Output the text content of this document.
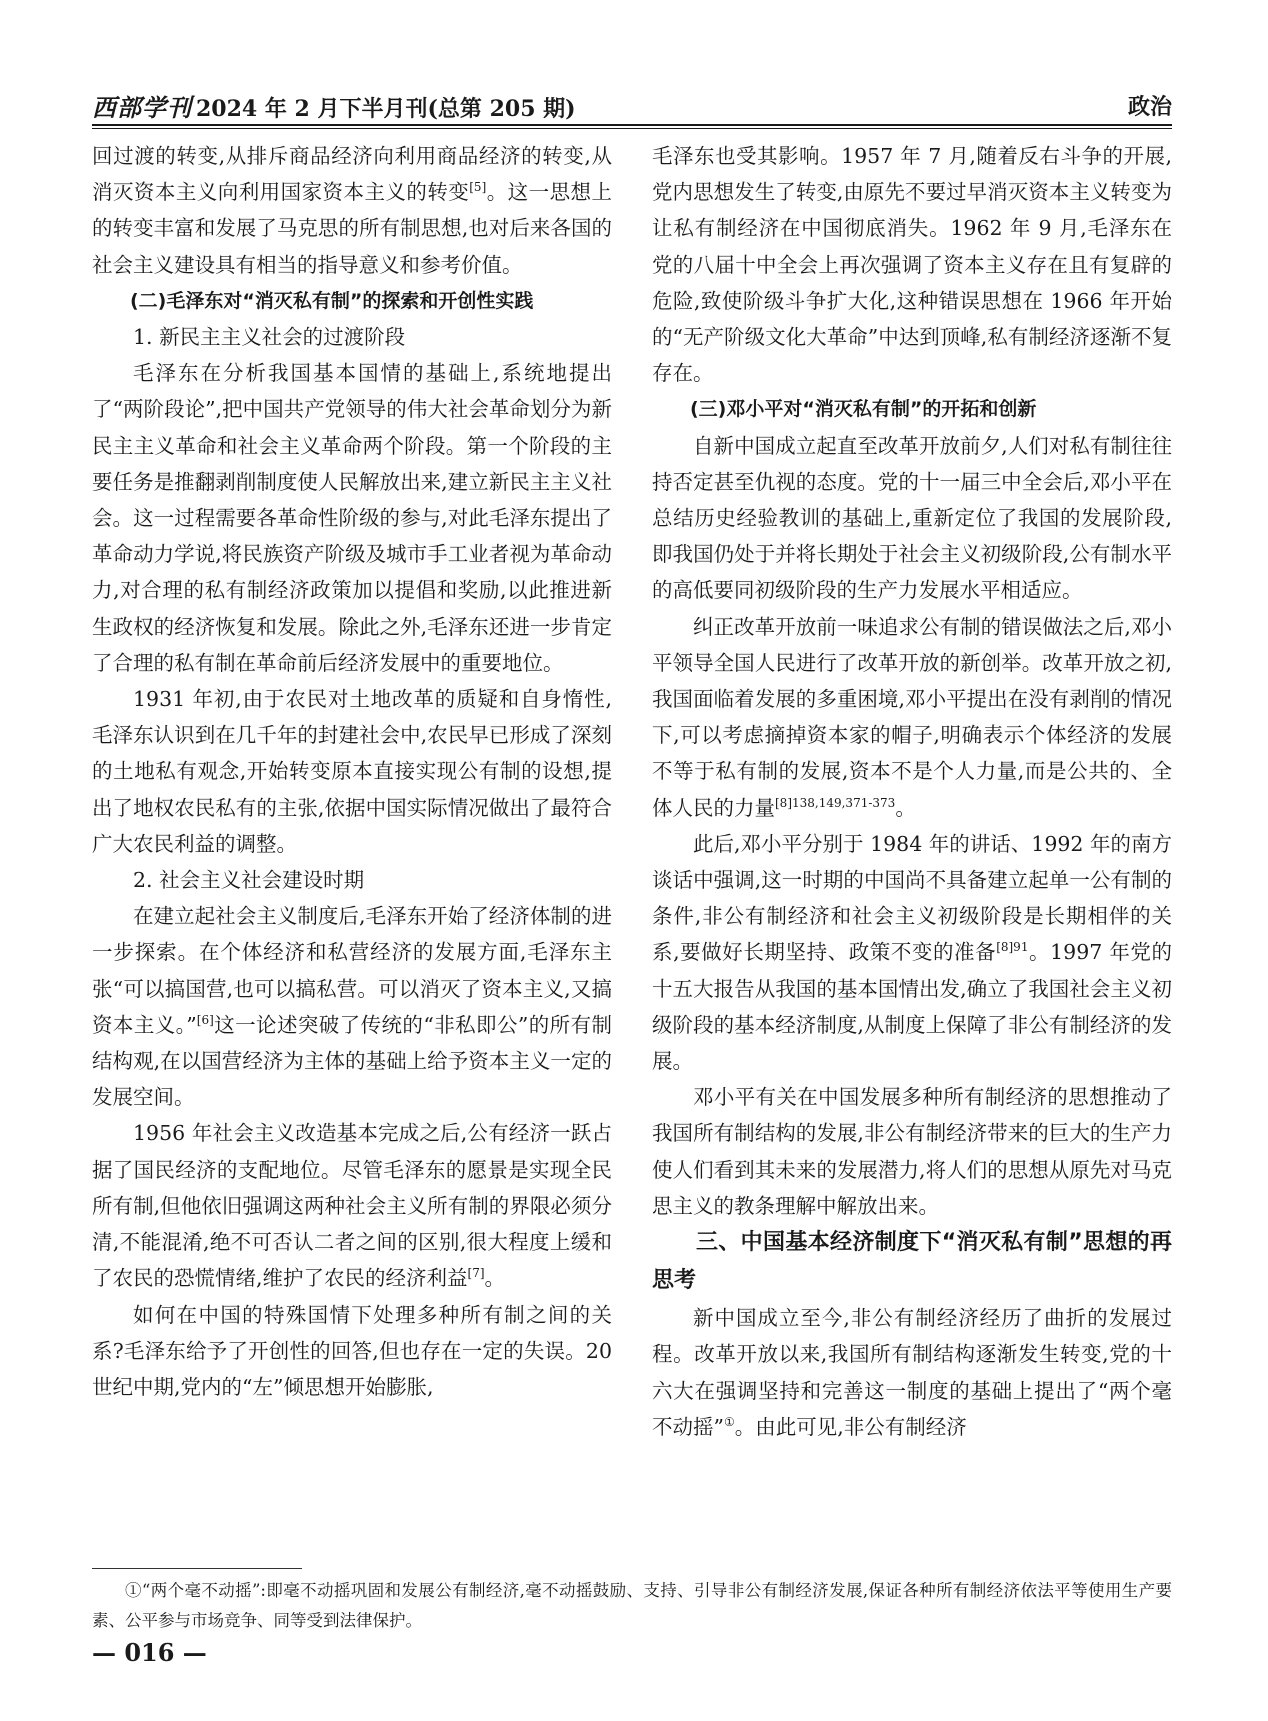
西部学刊 2024 年 2 月下半月刊(总第 205 期)	政治

回过渡的转变,从排斥商品经济向利用商品经济的转变,从消灭资本主义向利用国家资本主义的转变[5]。这一思想上的转变丰富和发展了马克思的所有制思想,也对后来各国的社会主义建设具有相当的指导意义和参考价值。

(二)毛泽东对“消灭私有制”的探索和开创性实践

1. 新民主主义社会的过渡阶段

毛泽东在分析我国基本国情的基础上,系统地提出了“两阶段论”,把中国共产党领导的伟大社会革命划分为新民主主义革命和社会主义革命两个阶段。第一个阶段的主要任务是推翻剥削制度使人民解放出来,建立新民主主义社会。这一过程需要各革命性阶级的参与,对此毛泽东提出了革命动力学说,将民族资产阶级及城市手工业者视为革命动力,对合理的私有制经济政策加以提倡和奖励,以此推进新生政权的经济恢复和发展。除此之外,毛泽东还进一步肯定了合理的私有制在革命前后经济发展中的重要地位。

1931 年初,由于农民对土地改革的质疑和自身惰性,毛泽东认识到在几千年的封建社会中,农民早已形成了深刻的土地私有观念,开始转变原本直接实现公有制的设想,提出了地权农民私有的主张,依据中国实际情况做出了最符合广大农民利益的调整。

2. 社会主义社会建设时期

在建立起社会主义制度后,毛泽东开始了经济体制的进一步探索。在个体经济和私营经济的发展方面,毛泽东主张“可以搞国营,也可以搞私营。可以消灭了资本主义,又搞资本主义。”[6]这一论述突破了传统的“非私即公”的所有制结构观,在以国营经济为主体的基础上给予资本主义一定的发展空间。

1956 年社会主义改造基本完成之后,公有经济一跃占据了国民经济的支配地位。尽管毛泽东的愿景是实现全民所有制,但他依旧强调这两种社会主义所有制的界限必须分清,不能混淆,绝不可否认二者之间的区别,很大程度上缓和了农民的恐慌情绪,维护了农民的经济利益[7]。

如何在中国的特殊国情下处理多种所有制之间的关系?毛泽东给予了开创性的回答,但也存在一定的失误。20 世纪中期,党内的“左”倾思想开始膨胀,

毛泽东也受其影响。1957 年 7 月,随着反右斗争的开展,党内思想发生了转变,由原先不要过早消灭资本主义转变为让私有制经济在中国彻底消失。1962 年 9 月,毛泽东在党的八届十中全会上再次强调了资本主义存在且有复辟的危险,致使阶级斗争扩大化,这种错误思想在 1966 年开始的“无产阶级文化大革命”中达到顶峰,私有制经济逐渐不复存在。

(三)邓小平对“消灭私有制”的开拓和创新

自新中国成立起直至改革开放前夕,人们对私有制往往持否定甚至仇视的态度。党的十一届三中全会后,邓小平在总结历史经验教训的基础上,重新定位了我国的发展阶段,即我国仍处于并将长期处于社会主义初级阶段,公有制水平的高低要同初级阶段的生产力发展水平相适应。

纠正改革开放前一味追求公有制的错误做法之后,邓小平领导全国人民进行了改革开放的新创举。改革开放之初,我国面临着发展的多重困境,邓小平提出在没有剥削的情况下,可以考虑摘掉资本家的帽子,明确表示个体经济的发展不等于私有制的发展,资本不是个人力量,而是公共的、全体人民的力量$^{[8]138,149,371-373}$。

此后,邓小平分别于 1984 年的讲话、1992 年的南方谈话中强调,这一时期的中国尚不具备建立起单一公有制的条件,非公有制经济和社会主义初级阶段是长期相伴的关系,要做好长期坚持、政策不变的准备$^{[8]91}$。1997 年党的十五大报告从我国的基本国情出发,确立了我国社会主义初级阶段的基本经济制度,从制度上保障了非公有制经济的发展。

邓小平有关在中国发展多种所有制经济的思想推动了我国所有制结构的发展,非公有制经济带来的巨大的生产力使人们看到其未来的发展潜力,将人们的思想从原先对马克思主义的教条理解中解放出来。

三、中国基本经济制度下“消灭私有制”思想的再思考

新中国成立至今,非公有制经济经历了曲折的发展过程。改革开放以来,我国所有制结构逐渐发生转变,党的十六大在强调坚持和完善这一制度的基础上提出了“两个毫不动摇”①。由此可见,非公有制经济

①“两个毫不动摇”:即毫不动摇巩固和发展公有制经济,毫不动摇鼓励、支持、引导非公有制经济发展,保证各种所有制经济依法平等使用生产要素、公平参与市场竞争、同等受到法律保护。
— 016 —
